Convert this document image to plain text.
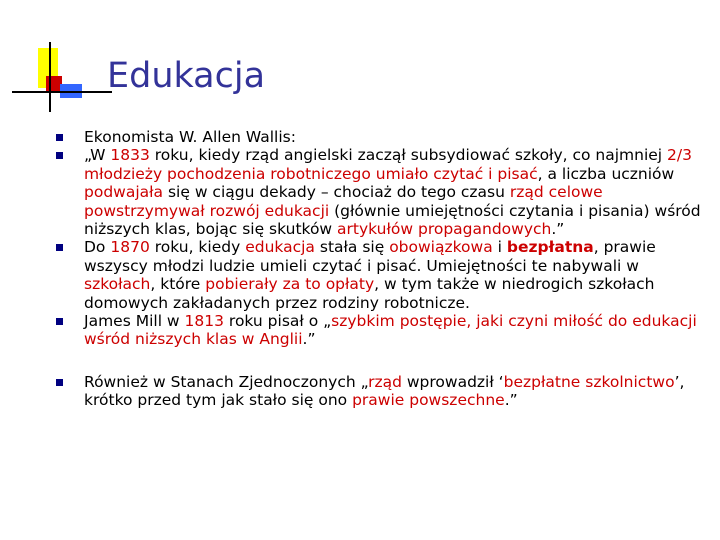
Edukacja
Ekonomista W. Allen Wallis:
„W 1833 roku, kiedy rząd angielski zaczął subsydiować szkoły, co najmniej 2/3 młodzieży pochodzenia robotniczego umiało czytać i pisać, a liczba uczniów podwajała się w ciągu dekady – chociaż do tego czasu rząd celowe powstrzymywał rozwój edukacji (głównie umiejętności czytania i pisania) wśród niższych klas, bojąc się skutków artykułów propagandowych.”
Do 1870 roku, kiedy edukacja stała się obowiązkowa i bezpłatna, prawie wszyscy młodzi ludzie umieli czytać i pisać. Umiejętności te nabywali w szkołach, które pobierały za to opłaty, w tym także w niedrogich szkołach domowych zakładanych przez rodziny robotnicze.
James Mill w 1813 roku pisał o „szybkim postępie, jaki czyni miłość do edukacji wśród niższych klas w Anglii.”
Również w Stanach Zjednoczonych „rząd wprowadził ‘bezpłatne szkolnictwo’, krótko przed tym jak stało się ono prawie powszechne.”
